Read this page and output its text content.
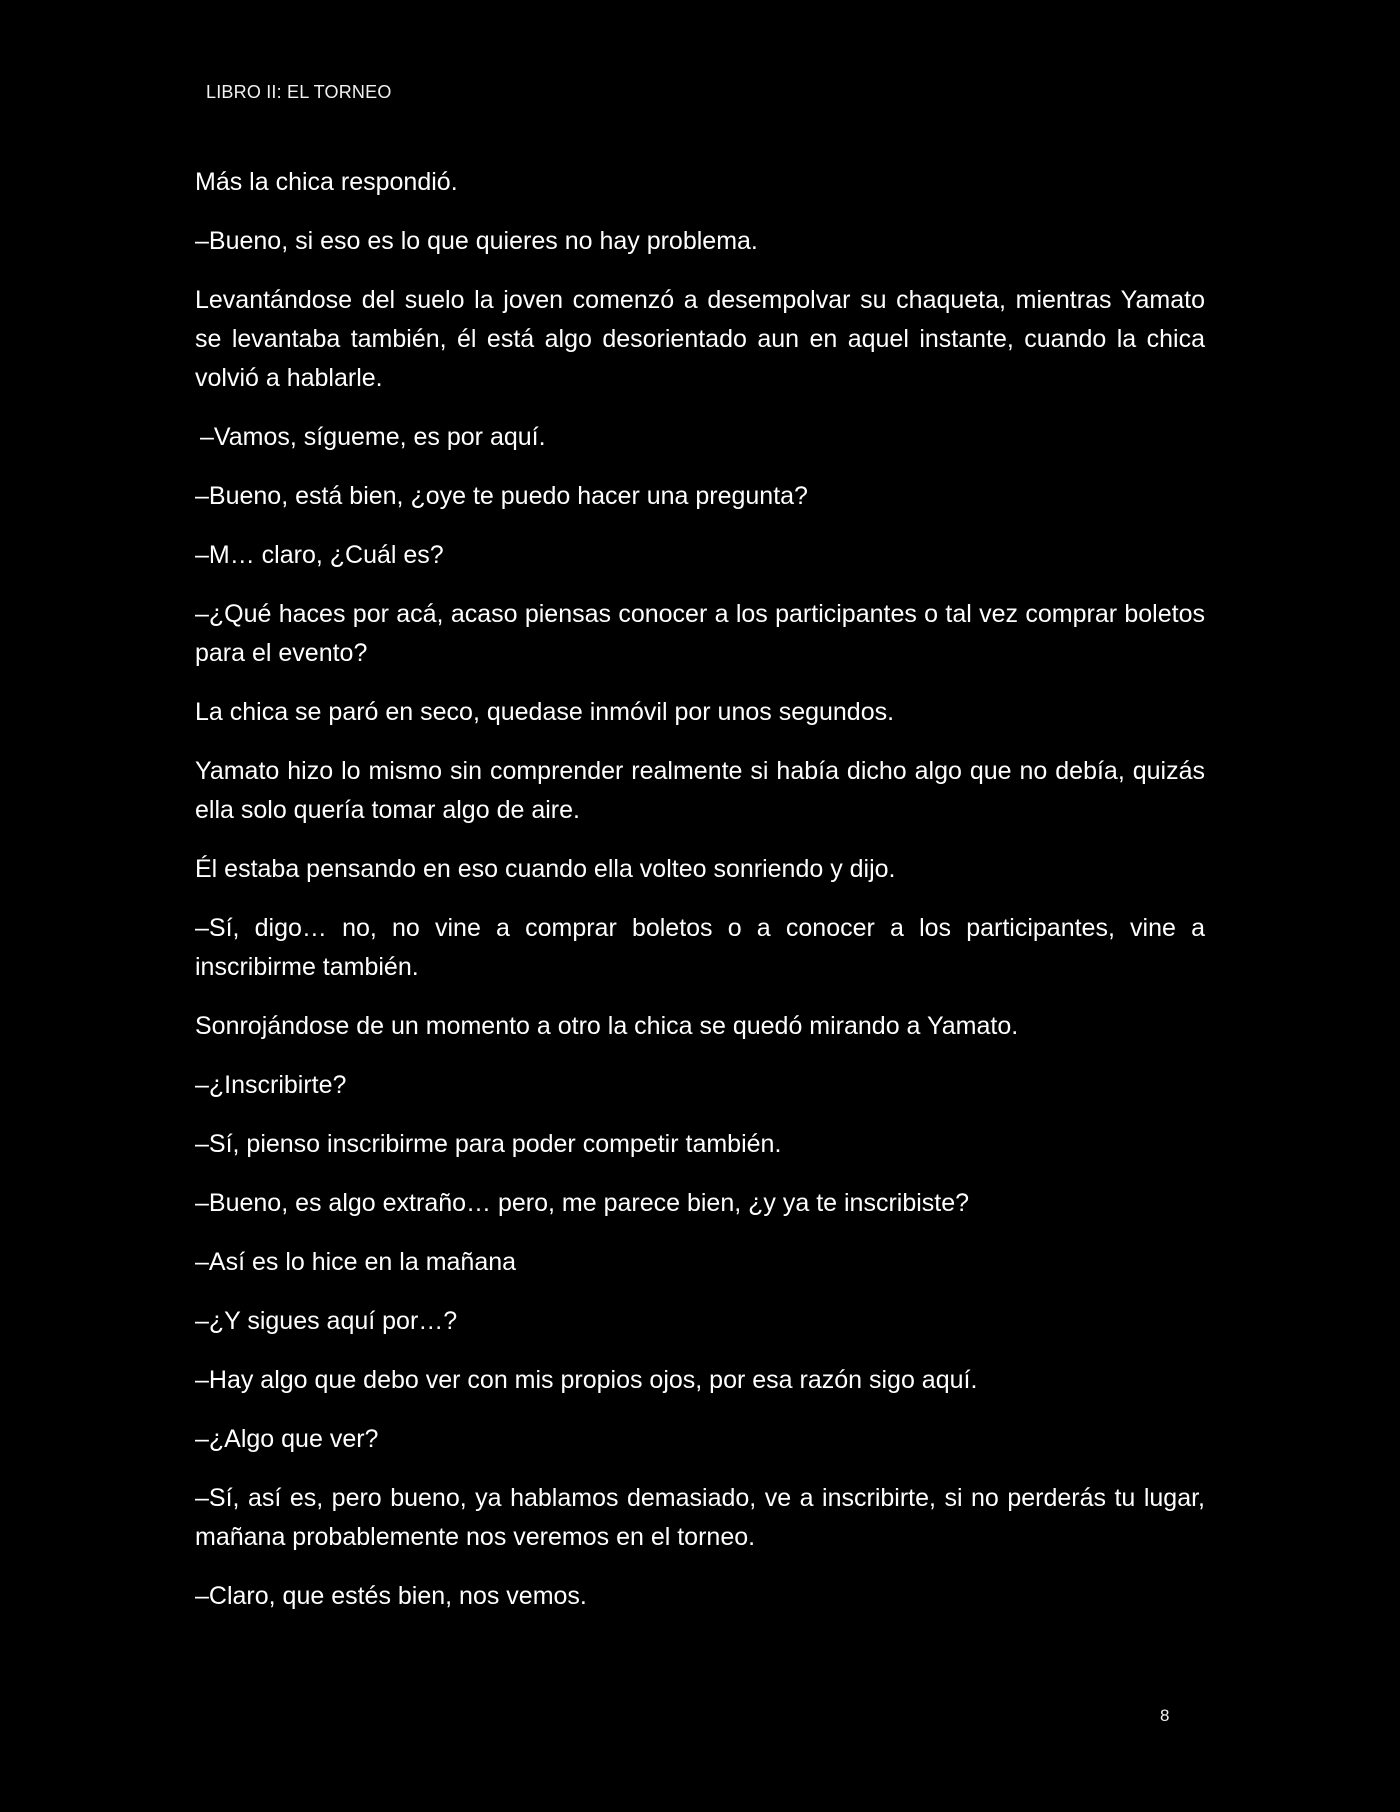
LIBRO II: EL TORNEO

Más la chica respondió.

–Bueno, si eso es lo que quieres no hay problema.

Levantándose del suelo la joven comenzó a desempolvar su chaqueta, mientras Yamato se levantaba también, él está algo desorientado aun en aquel instante, cuando la chica volvió a hablarle.

–Vamos, sígueme, es por aquí.

–Bueno, está bien, ¿oye te puedo hacer una pregunta?

–M… claro, ¿Cuál es?

–¿Qué haces por acá, acaso piensas conocer a los participantes o tal vez comprar boletos para el evento?

La chica se paró en seco, quedase inmóvil por unos segundos.

Yamato hizo lo mismo sin comprender realmente si había dicho algo que no debía, quizás ella solo quería tomar algo de aire.

Él estaba pensando en eso cuando ella volteo sonriendo y dijo.

–Sí, digo… no, no vine a comprar boletos o a conocer a los participantes, vine a inscribirme también.

Sonrojándose de un momento a otro la chica se quedó mirando a Yamato.

–¿Inscribirte?

–Sí, pienso inscribirme para poder competir también.

–Bueno, es algo extraño… pero, me parece bien, ¿y ya te inscribiste?

–Así es lo hice en la mañana

–¿Y sigues aquí por…?

–Hay algo que debo ver con mis propios ojos, por esa razón sigo aquí.

–¿Algo que ver?

–Sí, así es, pero bueno, ya hablamos demasiado, ve a inscribirte, si no perderás tu lugar, mañana probablemente nos veremos en el torneo.

–Claro, que estés bien, nos vemos.

8
